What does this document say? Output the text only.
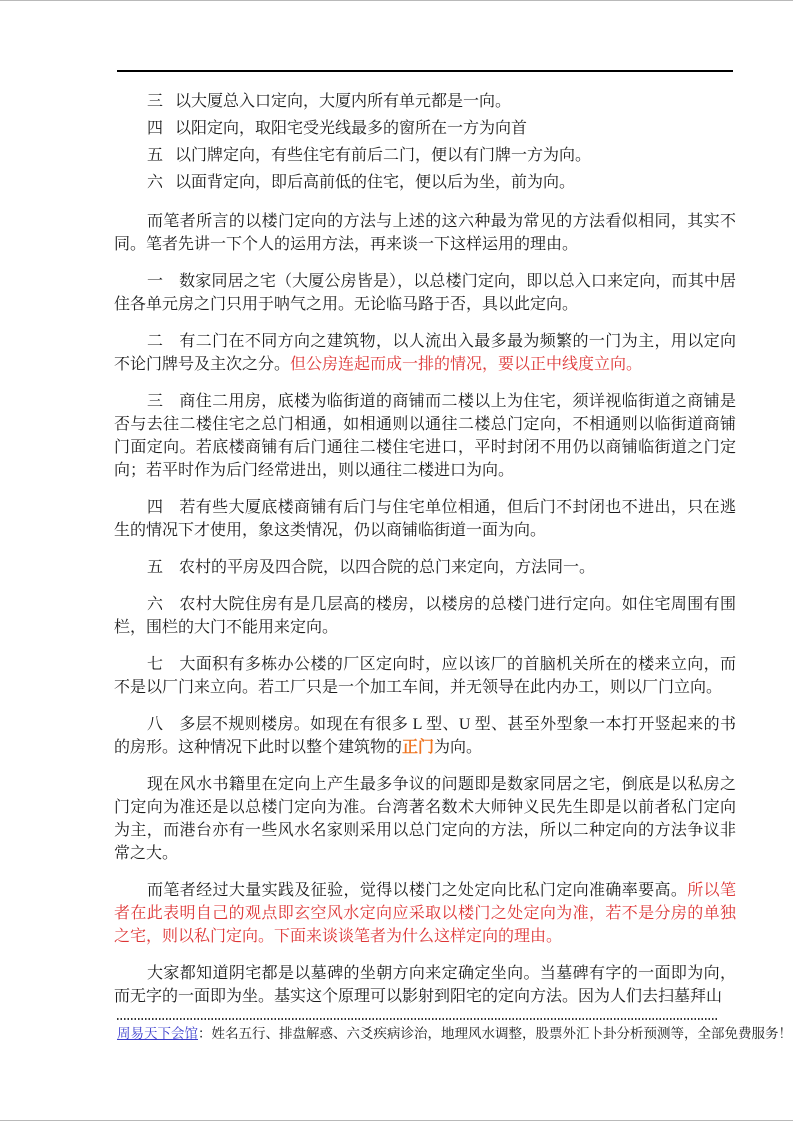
三 以大厦总入口定向，大厦内所有单元都是一向。
四 以阳定向，取阳宅受光线最多的窗所在一方为向首
五 以门牌定向，有些住宅有前后二门，便以有门牌一方为向。
六 以面背定向，即后高前低的住宅，便以后为坐，前为向。

而笔者所言的以楼门定向的方法与上述的这六种最为常见的方法看似相同，其实不同。笔者先讲一下个人的运用方法，再来谈一下这样运用的理由。

一 数家同居之宅（大厦公房皆是），以总楼门定向，即以总入口来定向，而其中居住各单元房之门只用于呐气之用。无论临马路于否，具以此定向。

二 有二门在不同方向之建筑物，以人流出入最多最为频繁的一门为主，用以定向不论门牌号及主次之分。但公房连起而成一排的情况，要以正中线度立向。

三 商住二用房，底楼为临街道的商铺而二楼以上为住宅，须详视临街道之商铺是否与去往二楼住宅之总门相通，如相通则以通往二楼总门定向，不相通则以临街道商铺门面定向。若底楼商铺有后门通往二楼住宅进口，平时封闭不用仍以商铺临街道之门定向；若平时作为后门经常进出，则以通往二楼进口为向。

四 若有些大厦底楼商铺有后门与住宅单位相通，但后门不封闭也不进出，只在逃生的情况下才使用，象这类情况，仍以商铺临街道一面为向。

五 农村的平房及四合院，以四合院的总门来定向，方法同一。

六 农村大院住房有是几层高的楼房，以楼房的总楼门进行定向。如住宅周围有围栏，围栏的大门不能用来定向。

七 大面积有多栋办公楼的厂区定向时，应以该厂的首脑机关所在的楼来立向，而不是以厂门来立向。若工厂只是一个加工车间，并无领导在此内办工，则以厂门立向。

八 多层不规则楼房。如现在有很多 L 型、U 型、甚至外型象一本打开竖起来的书的房形。这种情况下此时以整个建筑物的正门为向。

现在风水书籍里在定向上产生最多争议的问题即是数家同居之宅，倒底是以私房之门定向为准还是以总楼门定向为准。台湾著名数术大师钟义民先生即是以前者私门定向为主，而港台亦有一些风水名家则采用以总门定向的方法，所以二种定向的方法争议非常之大。

而笔者经过大量实践及征验，觉得以楼门之处定向比私门定向准确率要高。所以笔者在此表明自己的观点即玄空风水定向应采取以楼门之处定向为准，若不是分房的单独之宅，则以私门定向。下面来谈谈笔者为什么这样定向的理由。

大家都知道阴宅都是以墓碑的坐朝方向来定确定坐向。当墓碑有字的一面即为向，而无字的一面即为坐。基实这个原理可以影射到阳宅的定向方法。因为人们去扫墓拜山

周易天下会馆：姓名五行、排盘解惑、六爻疾病诊治，地理风水调整，股票外汇卜卦分析预测等，全部免费服务！
